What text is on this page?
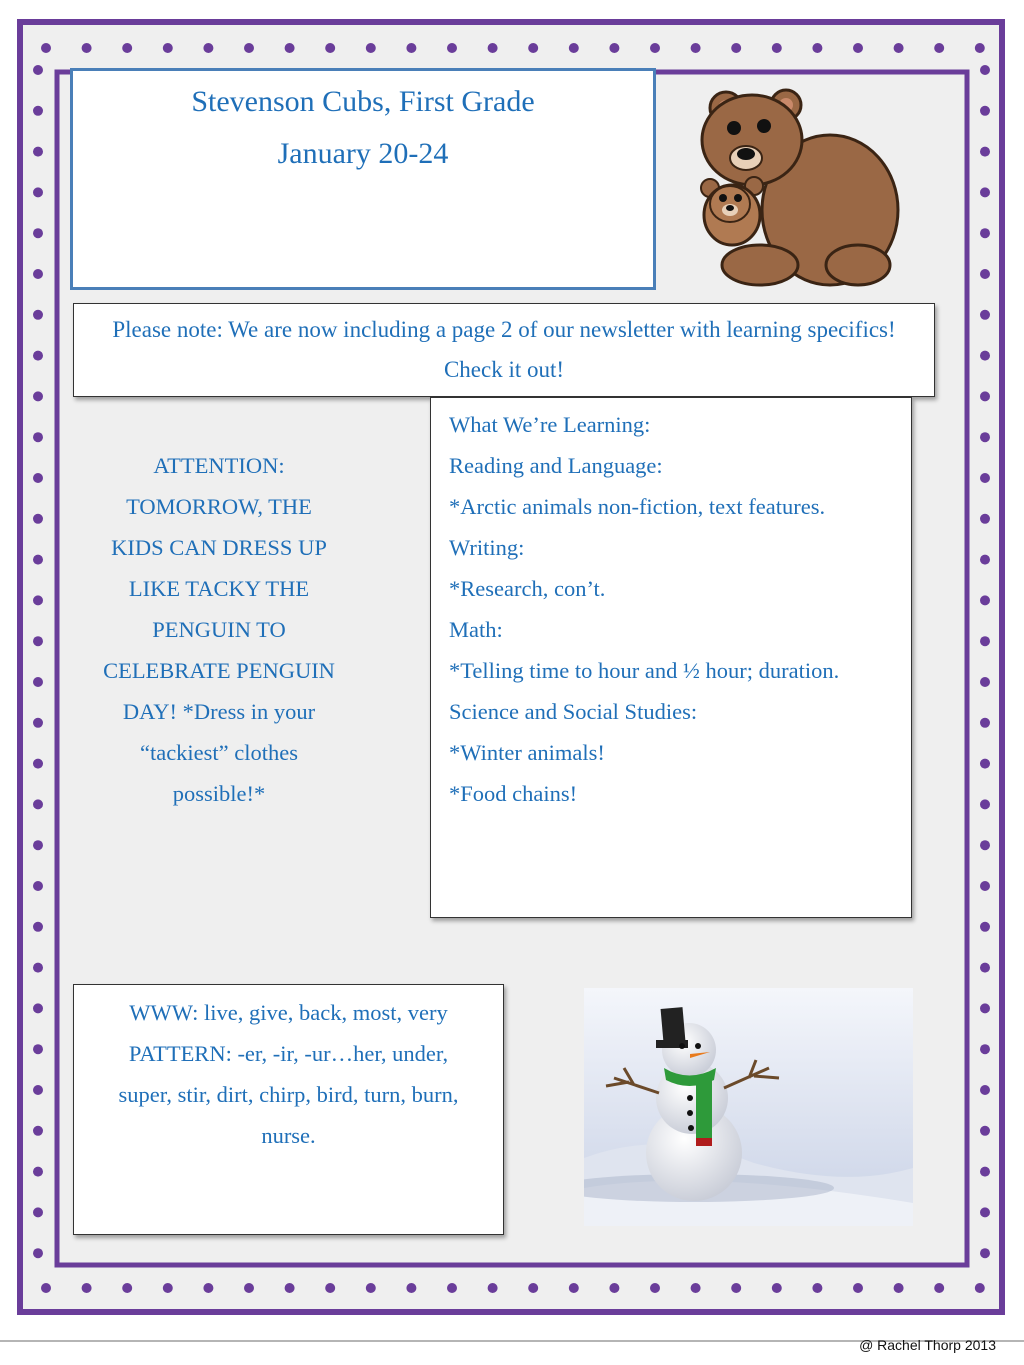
Stevenson Cubs, First Grade
January 20-24
Please note: We are now including a page 2 of our newsletter with learning specifics! Check it out!
ATTENTION:
TOMORROW, THE
KIDS CAN DRESS UP
LIKE TACKY THE
PENGUIN TO
CELEBRATE PENGUIN
DAY! *Dress in your
“tackiest” clothes
possible!*
What We’re Learning:
Reading and Language:
*Arctic animals non-fiction, text features.
Writing:
*Research, con’t.
Math:
*Telling time to hour and ½ hour; duration.
Science and Social Studies:
*Winter animals!
*Food chains!
WWW: live, give, back, most, very
PATTERN: -er, -ir, -ur…her, under,
super, stir, dirt, chirp, bird, turn, burn,
nurse.
@ Rachel Thorp 2013
